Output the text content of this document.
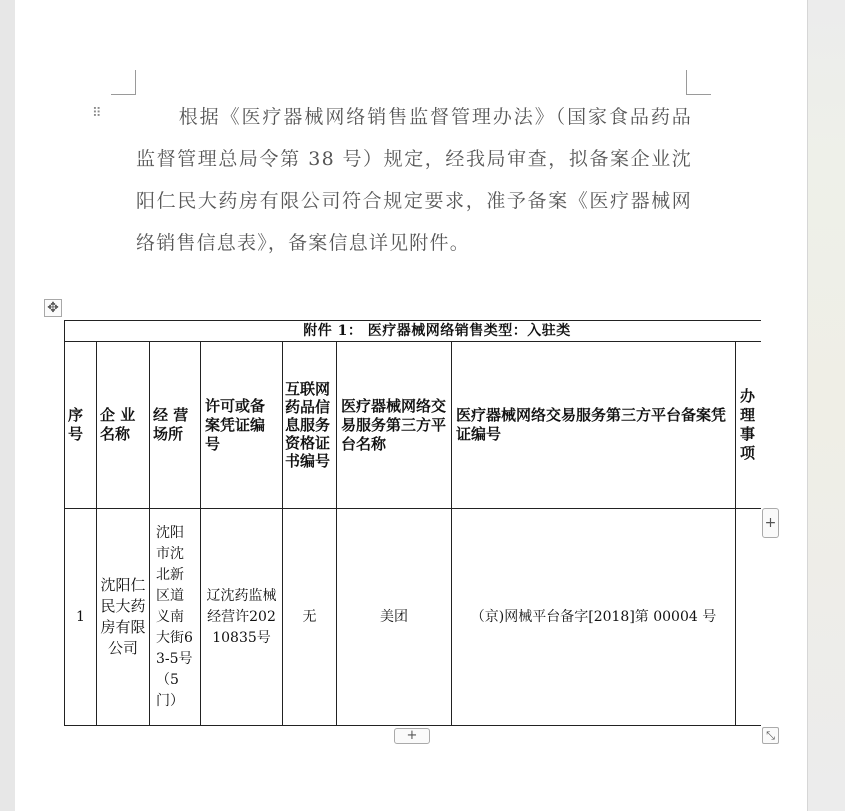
⠿	根据《医疗器械网络销售监督管理办法》（国家食品药品监督管理总局令第 38 号）规定，经我局审查，拟备案企业沈阳仁民大药房有限公司符合规定要求，准予备案《医疗器械网络销售信息表》，备案信息详见附件。
✥
附件 1： 医疗器械网络销售类型：入驻类							

序号	企 业名称	经 营场所	许可或备案凭证编号	互联网药品信息服务资格证书编号	医疗器械网络交易服务第三方平台名称	医疗器械网络交易服务第三方平台备案凭证编号	办理事项

1	沈阳仁民大药房有限公司	沈阳市沈北新区道义南大街63-5号（5门）	辽沈药监械经营许20210835号	无	美团	（京)网械平台备字[2018]第 00004 号	

+
+	⤡
